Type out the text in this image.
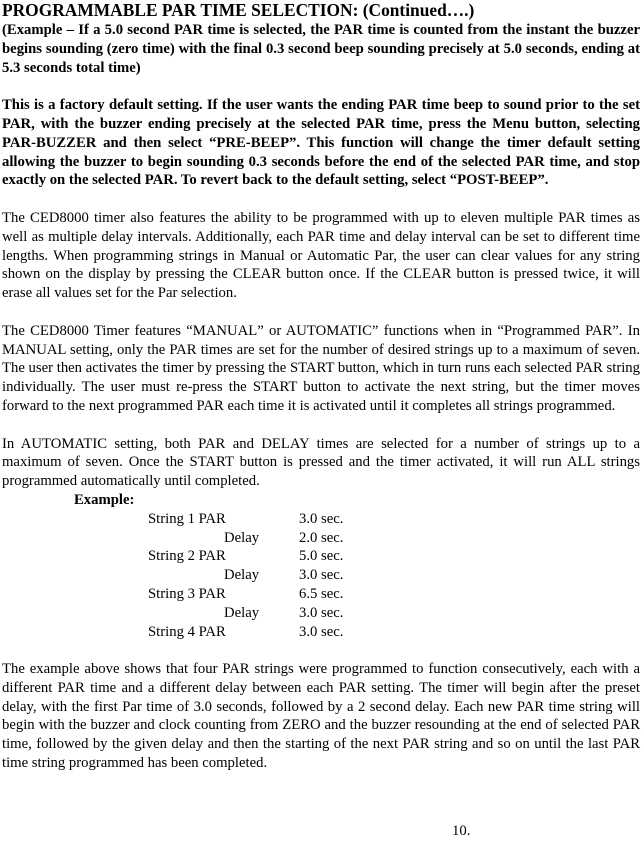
PROGRAMMABLE PAR TIME SELECTION: (Continued….)

(Example – If a 5.0 second PAR time is selected, the PAR time is counted from the instant the buzzer begins sounding (zero time) with the final 0.3 second beep sounding precisely at 5.0 seconds, ending at 5.3 seconds total time)

This is a factory default setting. If the user wants the ending PAR time beep to sound prior to the set PAR, with the buzzer ending precisely at the selected PAR time, press the Menu button, selecting PAR-BUZZER and then select “PRE-BEEP”. This function will change the timer default setting allowing the buzzer to begin sounding 0.3 seconds before the end of the selected PAR time, and stop exactly on the selected PAR. To revert back to the default setting, select “POST-BEEP”.

The CED8000 timer also features the ability to be programmed with up to eleven multiple PAR times as well as multiple delay intervals. Additionally, each PAR time and delay interval can be set to different time lengths. When programming strings in Manual or Automatic Par, the user can clear values for any string shown on the display by pressing the CLEAR button once. If the CLEAR button is pressed twice, it will erase all values set for the Par selection.

The CED8000 Timer features “MANUAL” or AUTOMATIC” functions when in “Programmed PAR”. In MANUAL setting, only the PAR times are set for the number of desired strings up to a maximum of seven. The user then activates the timer by pressing the START button, which in turn runs each selected PAR string individually. The user must re-press the START button to activate the next string, but the timer moves forward to the next programmed PAR each time it is activated until it completes all strings programmed.

In AUTOMATIC setting, both PAR and DELAY times are selected for a number of strings up to a maximum of seven. Once the START button is pressed and the timer activated, it will run ALL strings programmed automatically until completed.

Example:
String 1 PAR	3.0 sec.
Delay	2.0 sec.
String 2 PAR	5.0 sec.
Delay	3.0 sec.
String 3 PAR	6.5 sec.
Delay	3.0 sec.
String 4 PAR	3.0 sec.

The example above shows that four PAR strings were programmed to function consecutively, each with a different PAR time and a different delay between each PAR setting. The timer will begin after the preset delay, with the first Par time of 3.0 seconds, followed by a 2 second delay. Each new PAR time string will begin with the buzzer and clock counting from ZERO and the buzzer resounding at the end of selected PAR time, followed by the given delay and then the starting of the next PAR string and so on until the last PAR time string programmed has been completed.

10.
